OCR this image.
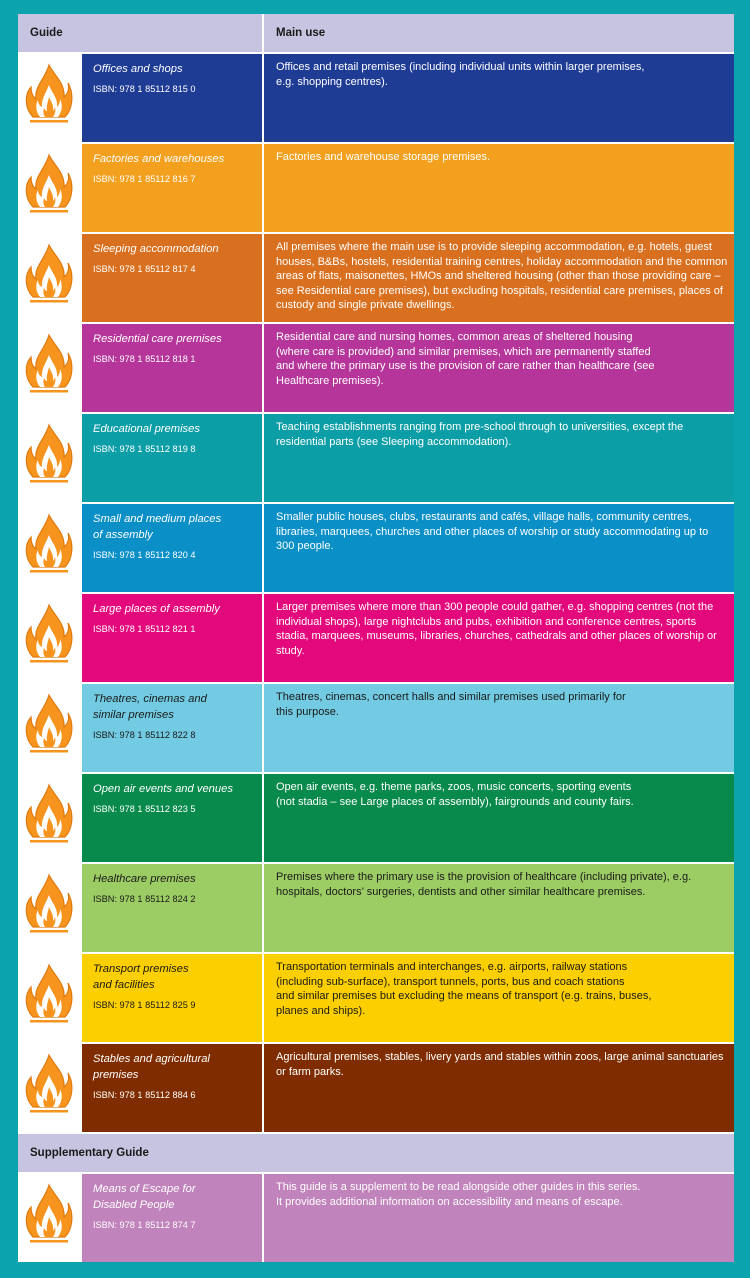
Guide	Main use
Offices and shops
ISBN: 978 1 85112 815 0
Offices and retail premises (including individual units within larger premises,
e.g. shopping centres).
Factories and warehouses
ISBN: 978 1 85112 816 7
Factories and warehouse storage premises.
Sleeping accommodation
ISBN: 978 1 85112 817 4
All premises where the main use is to provide sleeping accommodation, e.g. hotels, guest houses, B&Bs, hostels, residential training centres, holiday accommodation and the common areas of flats, maisonettes, HMOs and sheltered housing (other than those providing care – see Residential care premises), but excluding hospitals, residential care premises, places of custody and single private dwellings.
Residential care premises
ISBN: 978 1 85112 818 1
Residential care and nursing homes, common areas of sheltered housing
(where care is provided) and similar premises, which are permanently staffed
and where the primary use is the provision of care rather than healthcare (see
Healthcare premises).
Educational premises
ISBN: 978 1 85112 819 8
Teaching establishments ranging from pre-school through to universities, except the residential parts (see Sleeping accommodation).
Small and medium places
of assembly
ISBN: 978 1 85112 820 4
Smaller public houses, clubs, restaurants and cafés, village halls, community centres, libraries, marquees, churches and other places of worship or study accommodating up to 300 people.
Large places of assembly
ISBN: 978 1 85112 821 1
Larger premises where more than 300 people could gather, e.g. shopping centres (not the individual shops), large nightclubs and pubs, exhibition and conference centres, sports stadia, marquees, museums, libraries, churches, cathedrals and other places of worship or study.
Theatres, cinemas and
similar premises
ISBN: 978 1 85112 822 8
Theatres, cinemas, concert halls and similar premises used primarily for
this purpose.
Open air events and venues
ISBN: 978 1 85112 823 5
Open air events, e.g. theme parks, zoos, music concerts, sporting events
(not stadia – see Large places of assembly), fairgrounds and county fairs.
Healthcare premises
ISBN: 978 1 85112 824 2
Premises where the primary use is the provision of healthcare (including private), e.g. hospitals, doctors’ surgeries, dentists and other similar healthcare premises.
Transport premises
and facilities
ISBN: 978 1 85112 825 9
Transportation terminals and interchanges, e.g. airports, railway stations
(including sub-surface), transport tunnels, ports, bus and coach stations
and similar premises but excluding the means of transport (e.g. trains, buses,
planes and ships).
Stables and agricultural
premises
ISBN: 978 1 85112 884 6
Agricultural premises, stables, livery yards and stables within zoos, large animal sanctuaries or farm parks.
Supplementary Guide
Means of Escape for
Disabled People
ISBN: 978 1 85112 874 7
This guide is a supplement to be read alongside other guides in this series.
It provides additional information on accessibility and means of escape.
